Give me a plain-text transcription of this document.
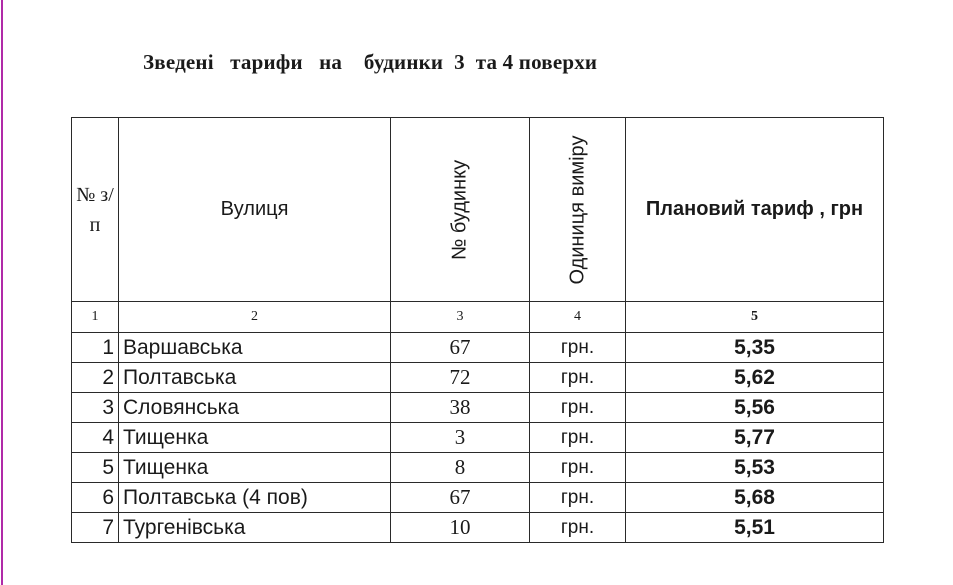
Зведені   тарифи   на    будинки  3  та 4 поверхи
№ з/п	Вулиця	№ будинку	Одиниця виміру	Плановий тариф , грн
1	2	3	4	5
1	Варшавська	67	грн.	5,35
2	Полтавська	72	грн.	5,62
3	Словянська	38	грн.	5,56
4	Тищенка	3	грн.	5,77
5	Тищенка	8	грн.	5,53
6	Полтавська (4 пов)	67	грн.	5,68
7	Тургенівська	10	грн.	5,51
